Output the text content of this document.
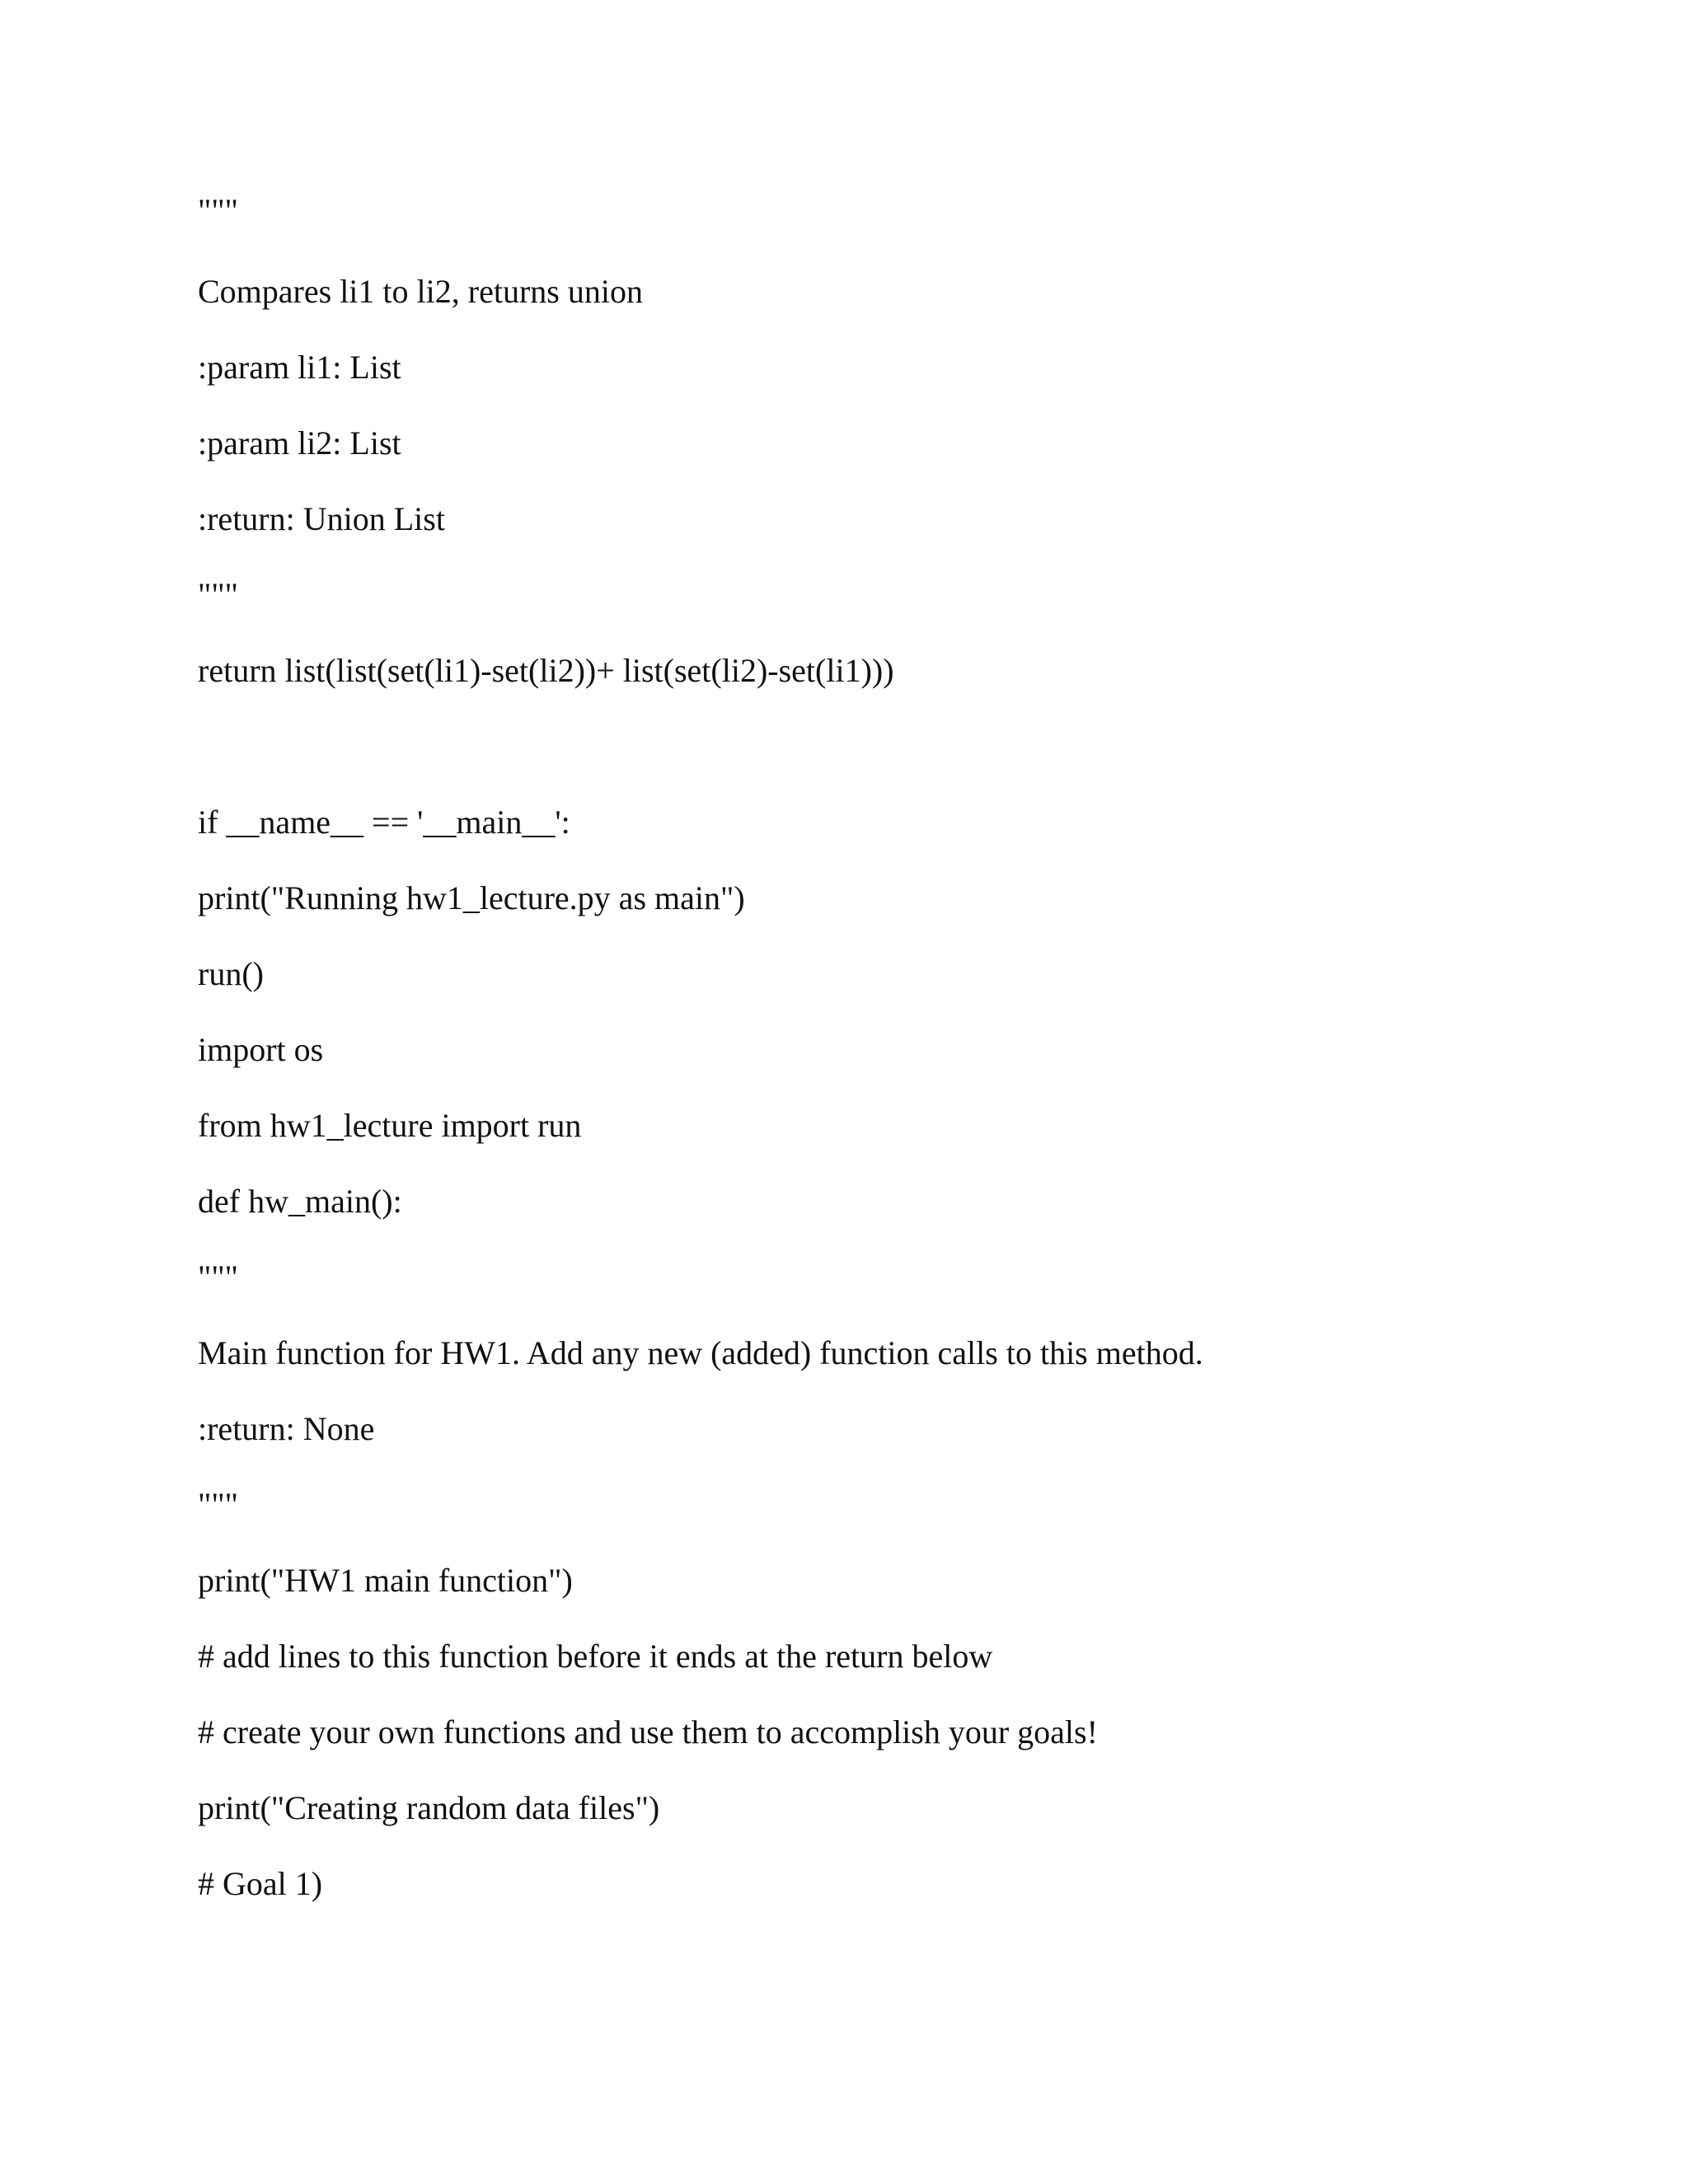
"""

Compares li1 to li2, returns union

:param li1: List

:param li2: List

:return: Union List

"""

return list(list(set(li1)-set(li2))+ list(set(li2)-set(li1)))

if __name__ == '__main__':

print("Running hw1_lecture.py as main")

run()

import os

from hw1_lecture import run

def hw_main():

"""

Main function for HW1. Add any new (added) function calls to this method.

:return: None

"""

print("HW1 main function")

# add lines to this function before it ends at the return below

# create your own functions and use them to accomplish your goals!

print("Creating random data files")

# Goal 1)
